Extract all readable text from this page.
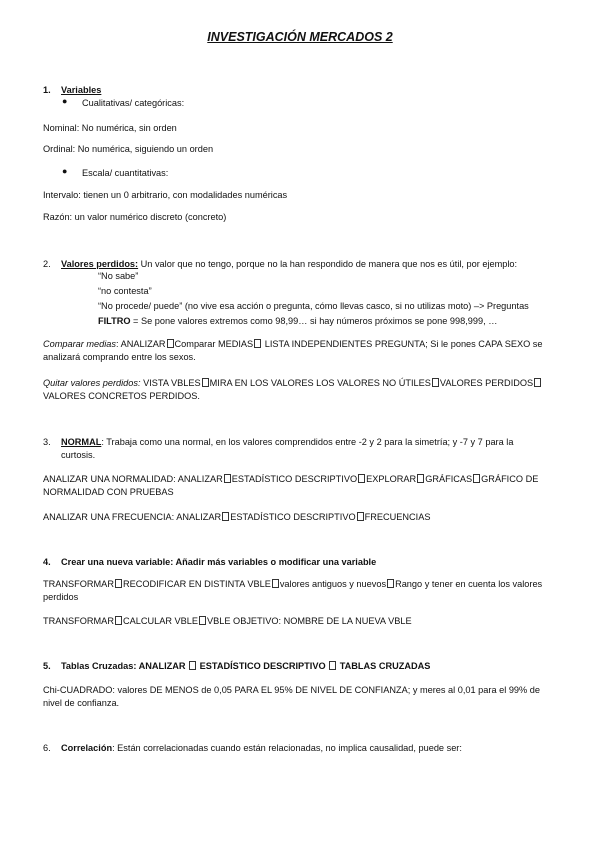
INVESTIGACIÓN MERCADOS 2
1. Variables
● Cualitativas/ categóricas:
Nominal: No numérica, sin orden
Ordinal: No numérica, siguiendo un orden
● Escala/ cuantitativas:
Intervalo: tienen un 0 arbitrario, con modalidades numéricas
Razón: un valor numérico discreto (concreto)
2. Valores perdidos: Un valor que no tengo, porque no la han respondido de manera que nos es útil, por ejemplo:
“No sabe”
“no contesta”
“No procede/ puede” (no vive esa acción o pregunta, cómo llevas casco, si no utilizas moto) –> Preguntas
FILTRO = Se pone valores extremos como 98,99… si hay números próximos se pone 998,999, …
Comparar medias: ANALIZAR Comparar MEDIAS LISTA INDEPENDIENTES PREGUNTA; Si le pones CAPA SEXO se
analizará comprando entre los sexos.
Quitar valores perdidos: VISTA VBLES MIRA EN LOS VALORES LOS VALORES NO ÚTILES VALORES PERDIDOS
VALORES CONCRETOS PERDIDOS.
3. NORMAL: Trabaja como una normal, en los valores comprendidos entre -2 y 2 para la simetría; y -7 y 7 para la
curtosis.
ANALIZAR UNA NORMALIDAD: ANALIZAR ESTADÍSTICO DESCRIPTIVO EXPLORAR GRÁFICAS GRÁFICO DE
NORMALIDAD CON PRUEBAS
ANALIZAR UNA FRECUENCIA: ANALIZAR ESTADÍSTICO DESCRIPTIVO FRECUENCIAS
4. Crear una nueva variable: Añadir más variables o modificar una variable
TRANSFORMAR RECODIFICAR EN DISTINTA VBLE valores antiguos y nuevos Rango y tener en cuenta los valores
perdidos
TRANSFORMAR CALCULAR VBLE VBLE OBJETIVO: NOMBRE DE LA NUEVA VBLE
5. Tablas Cruzadas: ANALIZAR  ESTADÍSTICO DESCRIPTIVO  TABLAS CRUZADAS
Chi-CUADRADO: valores DE MENOS de 0,05 PARA EL 95% DE NIVEL DE CONFIANZA; y meres al 0,01 para el 99% de
nivel de confianza.
6. Correlación: Están correlacionadas cuando están relacionadas, no implica causalidad, puede ser:
